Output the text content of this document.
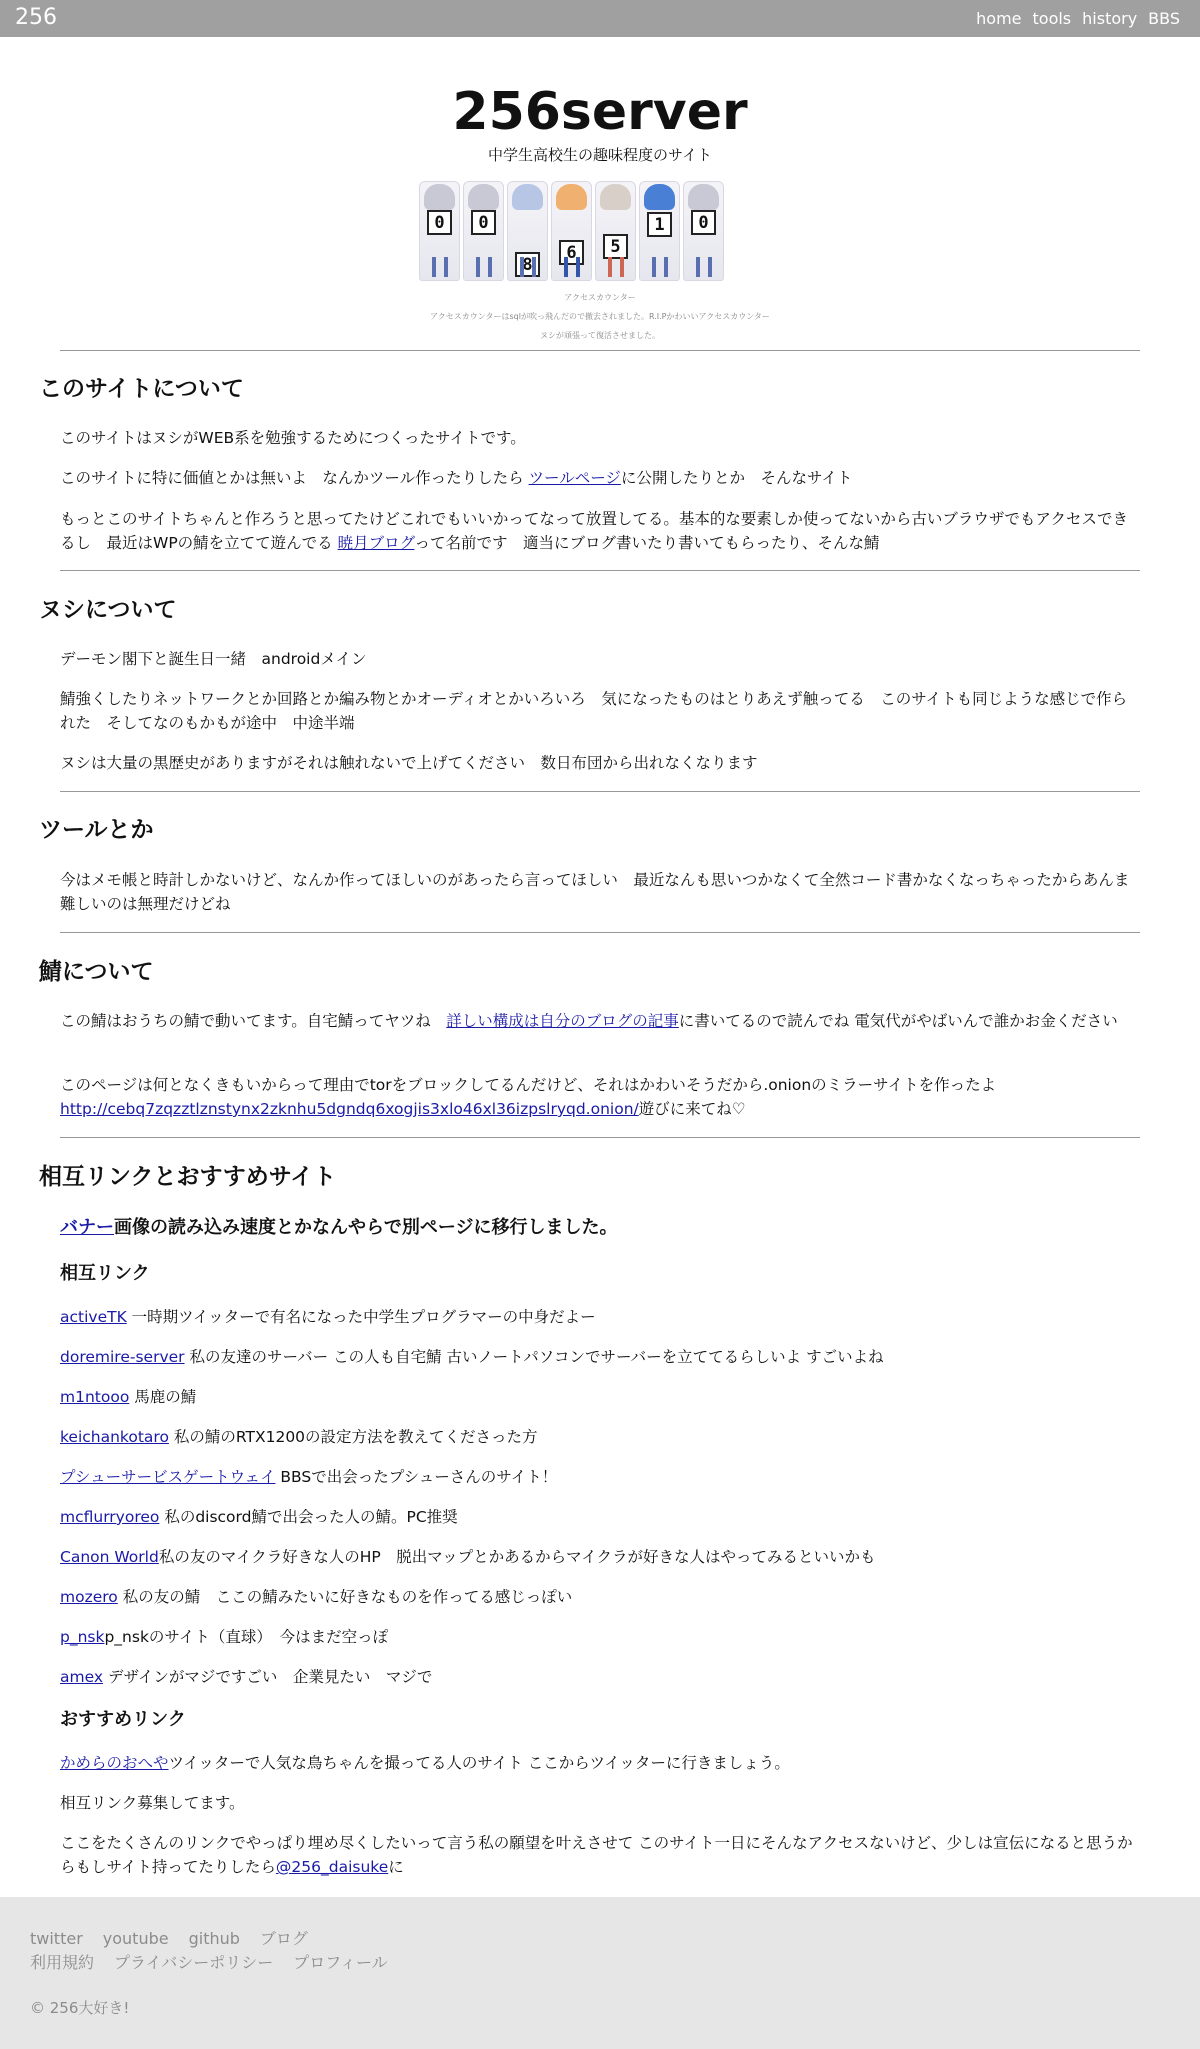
256	home tools history BBS
256server
中学生高校生の趣味程度のサイト
0	0
8
6	5
1	0
アクセスカウンター
アクセスカウンターはsqlが吹っ飛んだので撤去されました。R.I.Pかわいいアクセスカウンター
ヌシが頑張って復活させました。
このサイトについて

このサイトはヌシがWEB系を勉強するためにつくったサイトです。

このサイトに特に価値とかは無いよ　なんかツール作ったりしたら ツールページに公開したりとか　そんなサイト

もっとこのサイトちゃんと作ろうと思ってたけどこれでもいいかってなって放置してる。基本的な要素しか使ってないから古いブラウザでもアクセスできるし　最近はWPの鯖を立てて遊んでる 暁月ブログって名前です　適当にブログ書いたり書いてもらったり、そんな鯖

ヌシについて

デーモン閣下と誕生日一緒　androidメイン

鯖強くしたりネットワークとか回路とか編み物とかオーディオとかいろいろ　気になったものはとりあえず触ってる　このサイトも同じような感じで作られた　そしてなのもかもが途中　中途半端

ヌシは大量の黒歴史がありますがそれは触れないで上げてください　数日布団から出れなくなります

ツールとか

今はメモ帳と時計しかないけど、なんか作ってほしいのがあったら言ってほしい　最近なんも思いつかなくて全然コード書かなくなっちゃったからあんま難しいのは無理だけどね

鯖について

この鯖はおうちの鯖で動いてます。自宅鯖ってヤツね　詳しい構成は自分のブログの記事に書いてるので読んでね 電気代がやばいんで誰かお金ください

このページは何となくきもいからって理由でtorをブロックしてるんだけど、それはかわいそうだから.onionのミラーサイトを作ったよ
http://cebq7zqzztlznstynx2zknhu5dgndq6xogjis3xlo46xl36izpslryqd.onion/遊びに来てね♡

相互リンクとおすすめサイト
バナー画像の読み込み速度とかなんやらで別ページに移行しました。
相互リンク

activeTK 一時期ツイッターで有名になった中学生プログラマーの中身だよー

doremire-server 私の友達のサーバー この人も自宅鯖 古いノートパソコンでサーバーを立ててるらしいよ すごいよね

m1ntooo 馬鹿の鯖

keichankotaro 私の鯖のRTX1200の設定方法を教えてくださった方

プシューサービスゲートウェイ BBSで出会ったプシューさんのサイト！

mcflurryoreo 私のdiscord鯖で出会った人の鯖。PC推奨

Canon World私の友のマイクラ好きな人のHP　脱出マップとかあるからマイクラが好きな人はやってみるといいかも

mozero 私の友の鯖　ここの鯖みたいに好きなものを作ってる感じっぽい

p_nskp_nskのサイト（直球）　今はまだ空っぽ

amex デザインがマジですごい　企業見たい　マジで

おすすめリンク

かめらのおへやツイッターで人気な鳥ちゃんを撮ってる人のサイト ここからツイッターに行きましょう。

相互リンク募集してます。

ここをたくさんのリンクでやっぱり埋め尽くしたいって言う私の願望を叶えさせて このサイト一日にそんなアクセスないけど、少しは宣伝になると思うからもしサイト持ってたりしたら@256_daisukeに

twitter youtube github ブログ
利用規約 プライバシーポリシー プロフィール
© 256大好き!
